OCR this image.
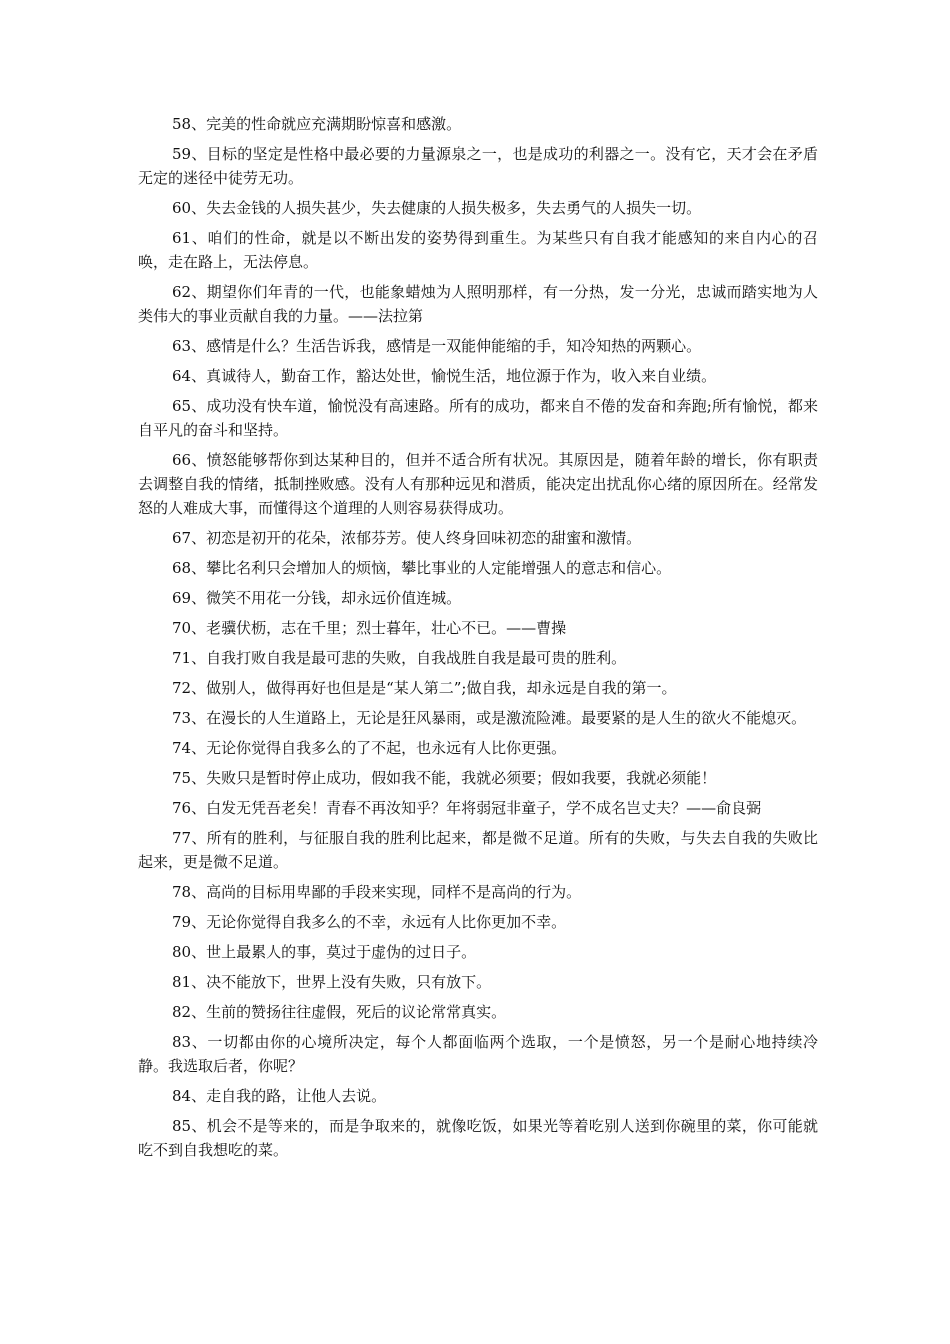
58、完美的性命就应充满期盼惊喜和感激。

59、目标的坚定是性格中最必要的力量源泉之一，也是成功的利器之一。没有它，天才会在矛盾无定的迷径中徒劳无功。

60、失去金钱的人损失甚少，失去健康的人损失极多，失去勇气的人损失一切。

61、咱们的性命，就是以不断出发的姿势得到重生。为某些只有自我才能感知的来自内心的召唤，走在路上，无法停息。

62、期望你们年青的一代，也能象蜡烛为人照明那样，有一分热，发一分光，忠诚而踏实地为人类伟大的事业贡献自我的力量。——法拉第

63、感情是什么？生活告诉我，感情是一双能伸能缩的手，知冷知热的两颗心。

64、真诚待人，勤奋工作，豁达处世，愉悦生活，地位源于作为，收入来自业绩。

65、成功没有快车道，愉悦没有高速路。所有的成功，都来自不倦的发奋和奔跑;所有愉悦，都来自平凡的奋斗和坚持。

66、愤怒能够帮你到达某种目的，但并不适合所有状况。其原因是，随着年龄的增长，你有职责去调整自我的情绪，抵制挫败感。没有人有那种远见和潜质，能决定出扰乱你心绪的原因所在。经常发怒的人难成大事，而懂得这个道理的人则容易获得成功。

67、初恋是初开的花朵，浓郁芬芳。使人终身回味初恋的甜蜜和激情。

68、攀比名利只会增加人的烦恼，攀比事业的人定能增强人的意志和信心。

69、微笑不用花一分钱，却永远价值连城。

70、老骥伏枥，志在千里；烈士暮年，壮心不已。——曹操

71、自我打败自我是最可悲的失败，自我战胜自我是最可贵的胜利。

72、做别人，做得再好也但是是“某人第二”;做自我，却永远是自我的第一。

73、在漫长的人生道路上，无论是狂风暴雨，或是激流险滩。最要紧的是人生的欲火不能熄灭。

74、无论你觉得自我多么的了不起，也永远有人比你更强。

75、失败只是暂时停止成功，假如我不能，我就必须要；假如我要，我就必须能！

76、白发无凭吾老矣！青春不再汝知乎？年将弱冠非童子，学不成名岂丈夫？——俞良弼

77、所有的胜利，与征服自我的胜利比起来，都是微不足道。所有的失败，与失去自我的失败比起来，更是微不足道。

78、高尚的目标用卑鄙的手段来实现，同样不是高尚的行为。

79、无论你觉得自我多么的不幸，永远有人比你更加不幸。

80、世上最累人的事，莫过于虚伪的过日子。

81、决不能放下，世界上没有失败，只有放下。

82、生前的赞扬往往虚假，死后的议论常常真实。

83、一切都由你的心境所决定，每个人都面临两个选取，一个是愤怒，另一个是耐心地持续冷静。我选取后者，你呢？

84、走自我的路，让他人去说。

85、机会不是等来的，而是争取来的，就像吃饭，如果光等着吃别人送到你碗里的菜，你可能就吃不到自我想吃的菜。
